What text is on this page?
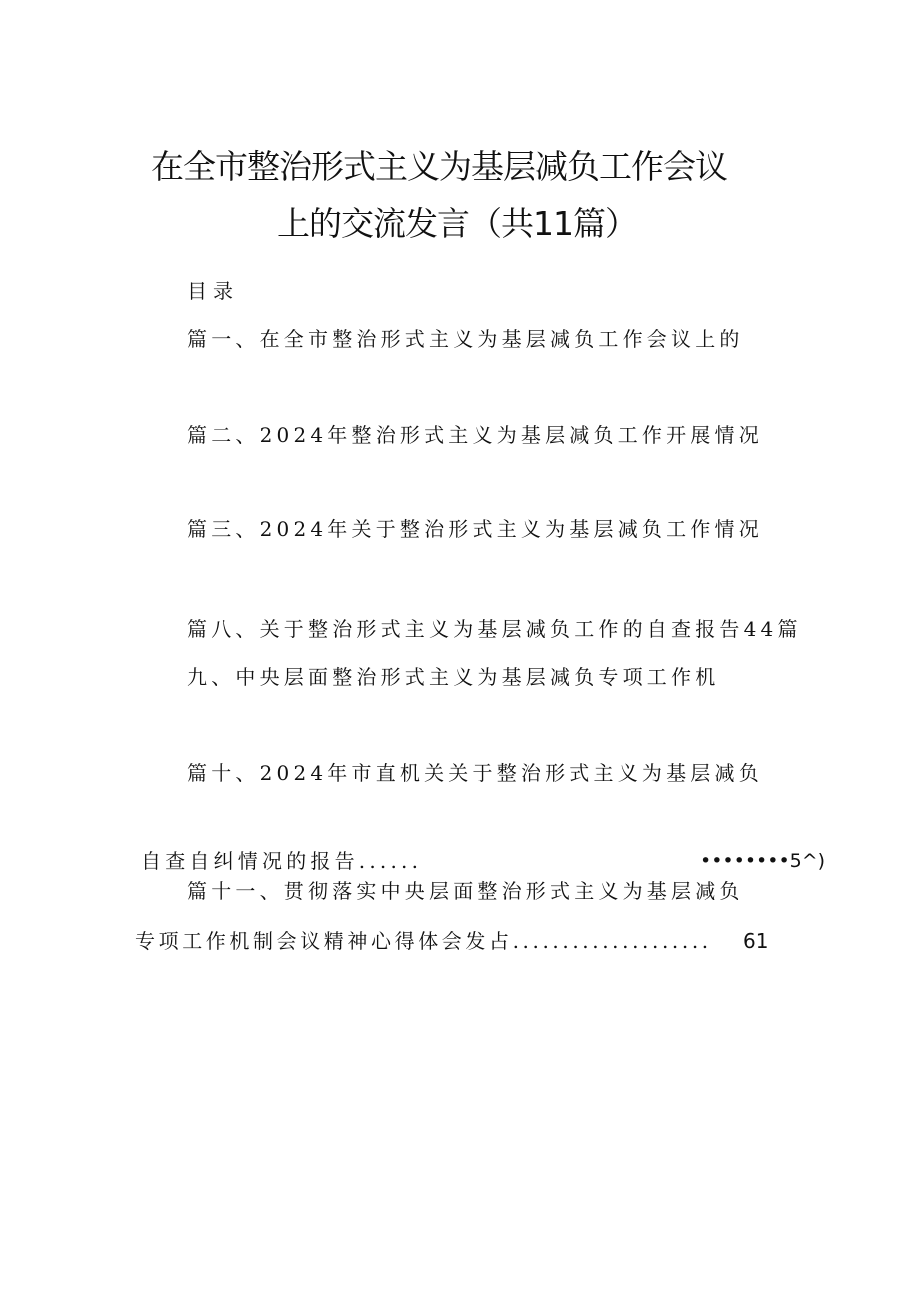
在全市整治形式主义为基层减负工作会议
上的交流发言（共11篇）
目录
篇一、在全市整治形式主义为基层减负工作会议上的
篇二、2024年整治形式主义为基层减负工作开展情况
篇三、2024年关于整治形式主义为基层减负工作情况
篇八、关于整治形式主义为基层减负工作的自查报告44篇
九、中央层面整治形式主义为基层减负专项工作机
篇十、2024年市直机关关于整治形式主义为基层减负
自查自纠情况的报告......	••••••••5^)
篇十一、贯彻落实中央层面整治形式主义为基层减负
专项工作机制会议精神心得体会发占.................... 61
